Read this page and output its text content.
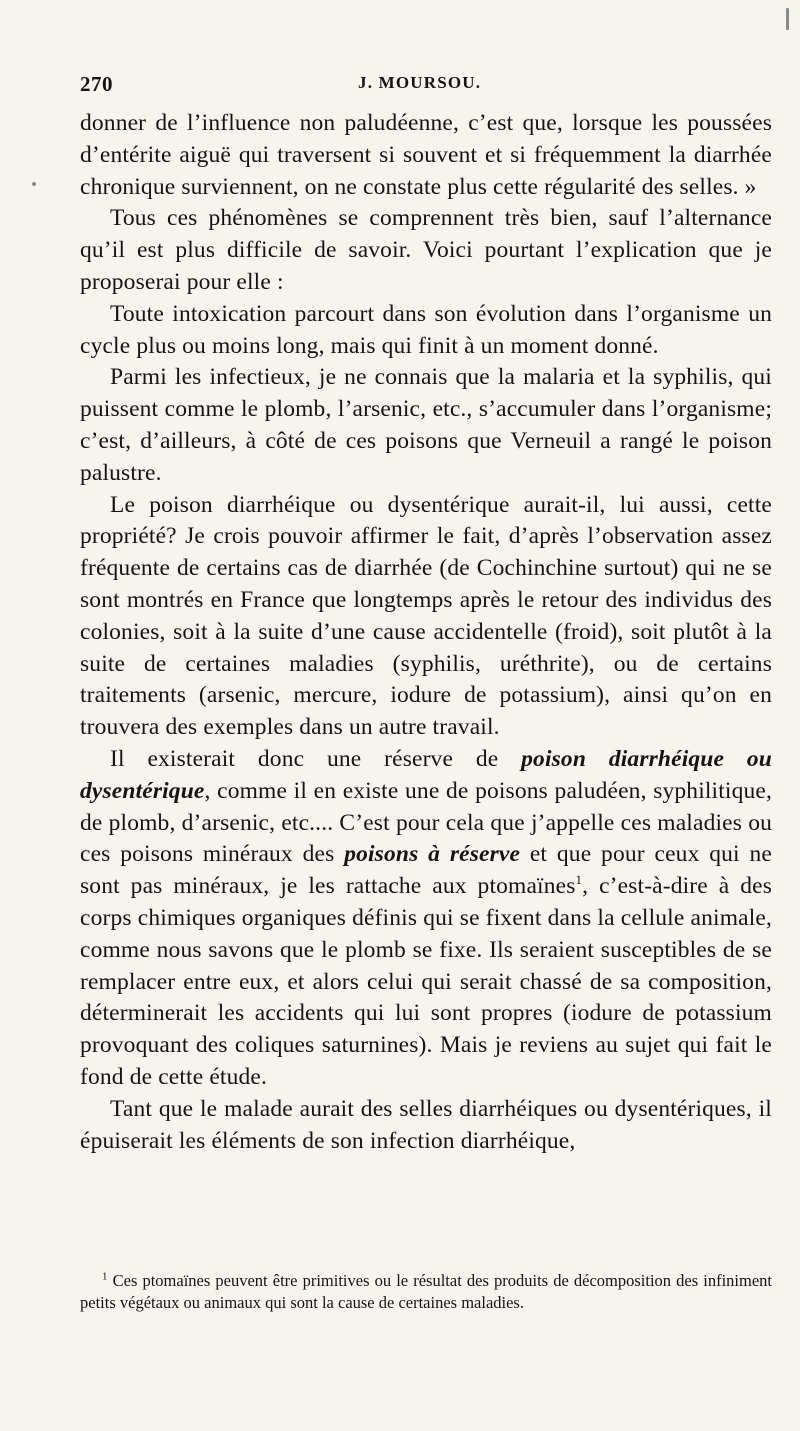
270	J. MOURSOU.

donner de l’influence non paludéenne, c’est que, lorsque les poussées d’entérite aiguë qui traversent si souvent et si fréquemment la diarrhée chronique surviennent, on ne constate plus cette régularité des selles. »

Tous ces phénomènes se comprennent très bien, sauf l’alternance qu’il est plus difficile de savoir. Voici pourtant l’explication que je proposerai pour elle :

Toute intoxication parcourt dans son évolution dans l’organisme un cycle plus ou moins long, mais qui finit à un moment donné.

Parmi les infectieux, je ne connais que la malaria et la syphilis, qui puissent comme le plomb, l’arsenic, etc., s’accumuler dans l’organisme; c’est, d’ailleurs, à côté de ces poisons que Verneuil a rangé le poison palustre.

Le poison diarrhéique ou dysentérique aurait-il, lui aussi, cette propriété? Je crois pouvoir affirmer le fait, d’après l’observation assez fréquente de certains cas de diarrhée (de Cochinchine surtout) qui ne se sont montrés en France que longtemps après le retour des individus des colonies, soit à la suite d’une cause accidentelle (froid), soit plutôt à la suite de certaines maladies (syphilis, uréthrite), ou de certains traitements (arsenic, mercure, iodure de potassium), ainsi qu’on en trouvera des exemples dans un autre travail.

Il existerait donc une réserve de poison diarrhéique ou dysentérique, comme il en existe une de poisons paludéen, syphilitique, de plomb, d’arsenic, etc.... C’est pour cela que j’appelle ces maladies ou ces poisons minéraux des poisons à réserve et que pour ceux qui ne sont pas minéraux, je les rattache aux ptomaïnes$^1$, c’est-à-dire à des corps chimiques organiques définis qui se fixent dans la cellule animale, comme nous savons que le plomb se fixe. Ils seraient susceptibles de se remplacer entre eux, et alors celui qui serait chassé de sa composition, déterminerait les accidents qui lui sont propres (iodure de potassium provoquant des coliques saturnines). Mais je reviens au sujet qui fait le fond de cette étude.

Tant que le malade aurait des selles diarrhéiques ou dysentériques, il épuiserait les éléments de son infection diarrhéique,

$^1$ Ces ptomaïnes peuvent être primitives ou le résultat des produits de décomposition des infiniment petits végétaux ou animaux qui sont la cause de certaines maladies.
